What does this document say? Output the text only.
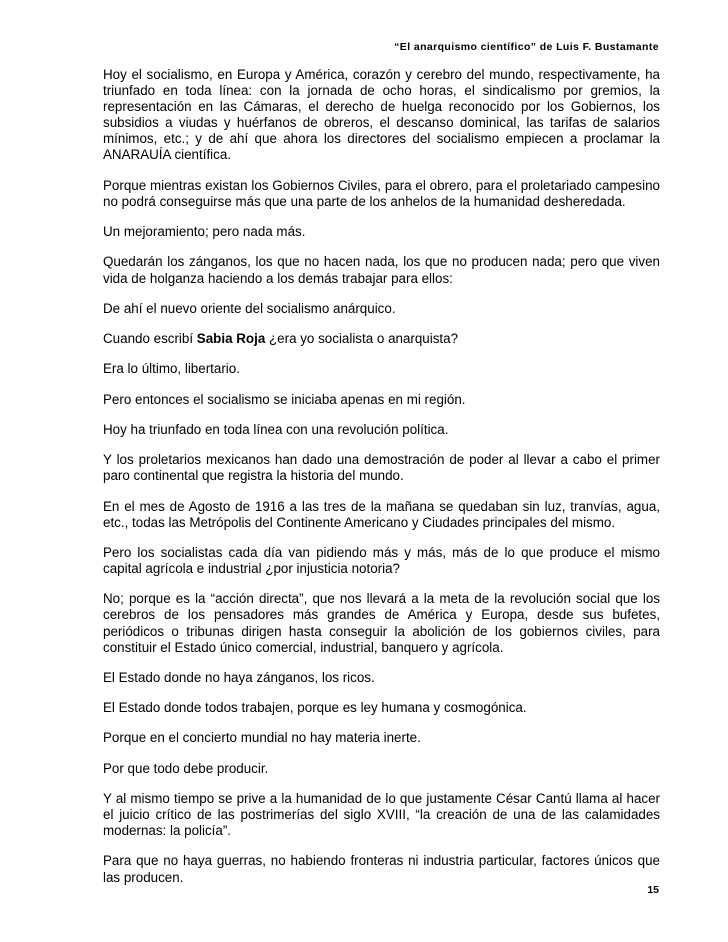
“El anarquismo científico” de Luis F. Bustamante

Hoy el socialismo, en Europa y América, corazón y cerebro del mundo, respectivamente, ha triunfado en toda línea: con la jornada de ocho horas, el sindicalismo por gremios, la representación en las Cámaras, el derecho de huelga reconocido por los Gobiernos, los subsidios a viudas y huérfanos de obreros, el descanso dominical, las tarifas de salarios mínimos, etc.; y de ahí que ahora los directores del socialismo empiecen a proclamar la ANARAUÍA científica.

Porque mientras existan los Gobiernos Civiles, para el obrero, para el proletariado campesino no podrá conseguirse más que una parte de los anhelos de la humanidad desheredada.

Un mejoramiento; pero nada más.

Quedarán los zánganos, los que no hacen nada, los que no producen nada; pero que viven vida de holganza haciendo a los demás trabajar para ellos:

De ahí el nuevo oriente del socialismo anárquico.

Cuando escribí Sabia Roja ¿era yo socialista o anarquista?

Era lo último, libertario.

Pero entonces el socialismo se iniciaba apenas en mi región.

Hoy ha triunfado en toda línea con una revolución política.

Y los proletarios mexicanos han dado una demostración de poder al llevar a cabo el primer paro continental que registra la historia del mundo.

En el mes de Agosto de 1916 a las tres de la mañana se quedaban sin luz, tranvías, agua, etc., todas las Metrópolis del Continente Americano y Ciudades principales del mismo.

Pero los socialistas cada día van pidiendo más y más, más de lo que produce el mismo capital agrícola e industrial ¿por injusticia notoria?

No; porque es la “acción directa”, que nos llevará a la meta de la revolución social que los cerebros de los pensadores más grandes de América y Europa, desde sus bufetes, periódicos o tribunas dirigen hasta conseguir la abolición de los gobiernos civiles, para constituir el Estado único comercial, industrial, banquero y agrícola.

El Estado donde no haya zánganos, los ricos.

El Estado donde todos trabajen, porque es ley humana y cosmogónica.

Porque en el concierto mundial no hay materia inerte.

Por que todo debe producir.

Y al mismo tiempo se prive a la humanidad de lo que justamente César Cantú llama al hacer el juicio crítico de las postrimerías del siglo XVIII, “la creación de una de las calamidades modernas: la policía”.

Para que no haya guerras, no habiendo fronteras ni industria particular, factores únicos que las producen.

15
